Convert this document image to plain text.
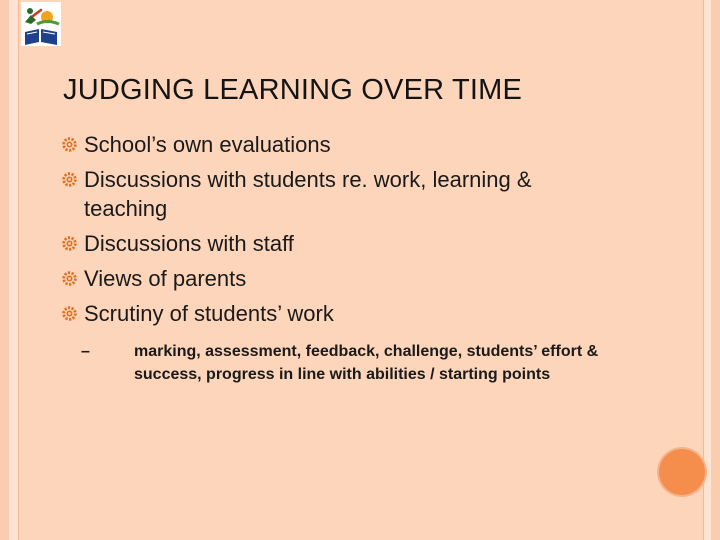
JUDGING LEARNING OVER TIME
School’s own evaluations
Discussions with students re. work, learning & teaching
Discussions with staff
Views of parents
Scrutiny of students’ work
–	marking, assessment, feedback, challenge, students’ effort & success, progress in line with abilities / starting points
